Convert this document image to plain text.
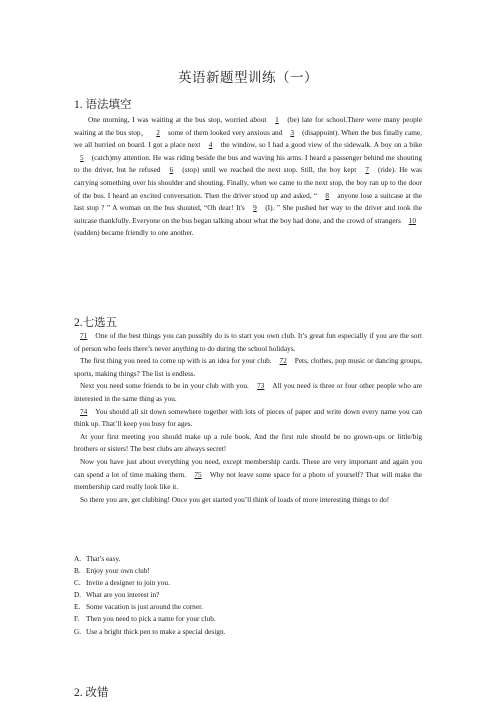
英语新题型训练（一）
1. 语法填空
One morning, I was waiting at the bus stop, worried about 1 (be) late for school.There were many people waiting at the bus stop， 2 some of them looked very anxious and 3 (disappoint). When the bus finally came, we all hurried on board. I got a place next 4 the window, so I had a good view of the sidewalk. A boy on a bike 5 (catch)my attention. He was riding beside the bus and waving his arms. I heard a passenger behind me shouting to the driver, but he refused 6 (stop) until we reached the next stop. Still, the boy kept 7 (ride). He was carrying something over his shoulder and shouting. Finally, when we came to the next stop, the boy ran up to the door of the bus. I heard an excited conversation. Then the driver stood up and asked, “ 8 anyone lose a suitcase at the last stop ? ” A woman on the bus shouted, “Oh dear! It's 9 (I). ” She pushed her way to the driver and took the suitcase thankfully. Everyone on the bus began talking about what the boy had done, and the crowd of strangers 10 (sudden) became friendly to one another.
2.七选五
71 One of the best things you can possibly do is to start you own club. It’s great fun especially if you are the sort of person who feels there’s never anything to do during the school holidays.
The first thing you need to come up with is an idea for your club. 72 Pets, clothes, pop music or dancing groups, sports, making things? The list is endless.
Next you need some friends to be in your club with you. 73 All you need is three or four other people who are interested in the same thing as you.
74 You should all sit down somewhere together with lots of pieces of paper and write down every name you can think up. That’ll keep you busy for ages.
At your first meeting you should make up a rule book. And the first rule should be no grown-ups or little/big brothers or sisters! The best clubs are always secret!
Now you have just about everything you need, except membership cards. These are very important and again you can spend a lot of time making them. 75 Why not leave some space for a photo of yourself? That will make the membership card really look like it.
So there you are, get clubbing! Once you get started you’ll think of loads of more interesting things to do!
A. That’s easy.
B. Enjoy your own club!
C. Invite a designer to join you.
D. What are you interest in?
E. Some vacation is just around the corner.
F. Then you need to pick a name for your club.
G. Use a bright thick pen to make a special design.
2. 改错
